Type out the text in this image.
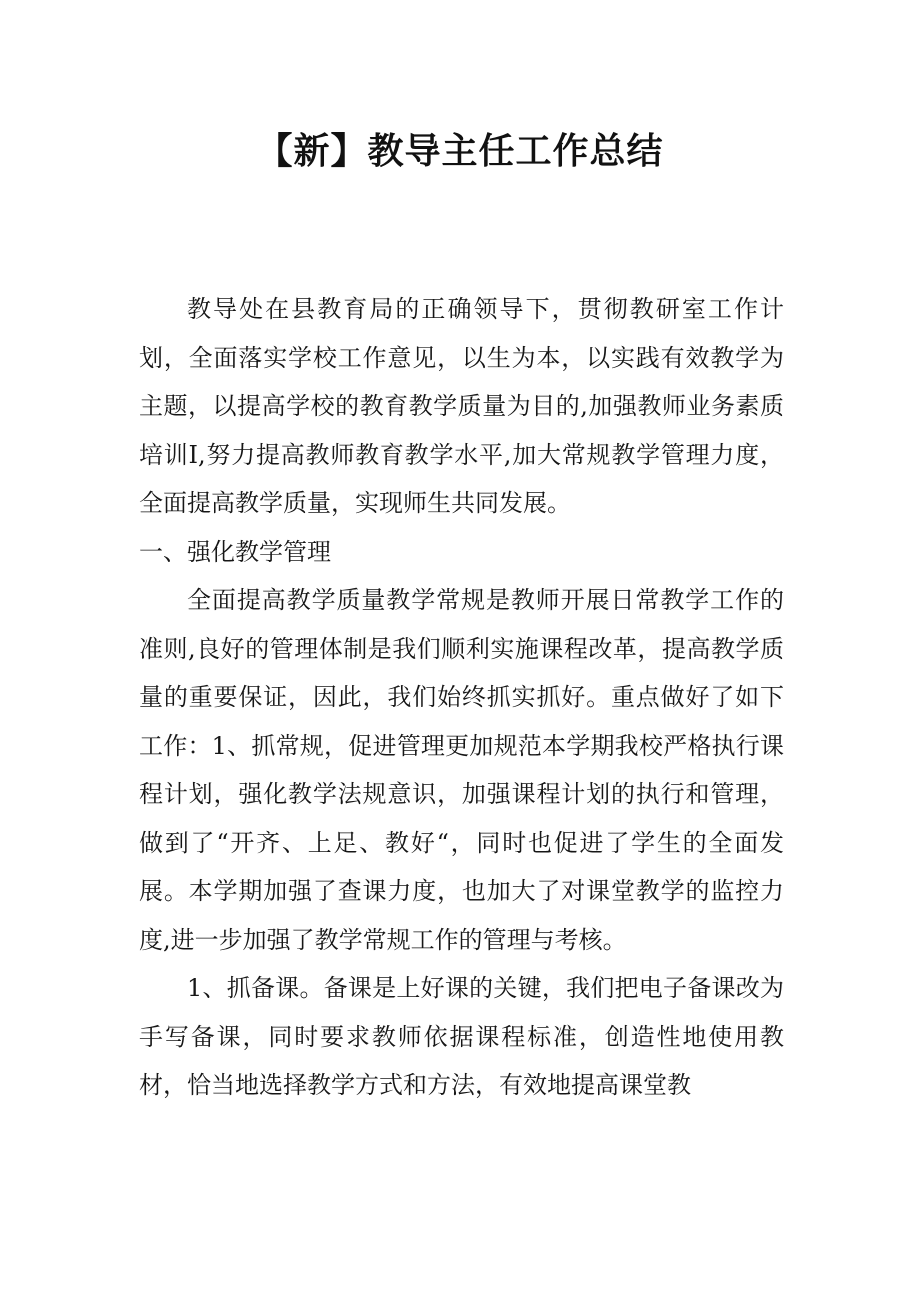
【新】教导主任工作总结

教导处在县教育局的正确领导下，贯彻教研室工作计划，全面落实学校工作意见，以生为本，以实践有效教学为主题，以提高学校的教育教学质量为目的,加强教师业务素质培训I,努力提高教师教育教学水平,加大常规教学管理力度，全面提高教学质量，实现师生共同发展。

一、强化教学管理

全面提高教学质量教学常规是教师开展日常教学工作的准则,良好的管理体制是我们顺利实施课程改革，提高教学质量的重要保证，因此，我们始终抓实抓好。重点做好了如下工作：1、抓常规，促进管理更加规范本学期我校严格执行课程计划，强化教学法规意识，加强课程计划的执行和管理，做到了“开齐、上足、教好“，同时也促进了学生的全面发展。本学期加强了查课力度，也加大了对课堂教学的监控力度,进一步加强了教学常规工作的管理与考核。

1、抓备课。备课是上好课的关键，我们把电子备课改为手写备课，同时要求教师依据课程标准，创造性地使用教材，恰当地选择教学方式和方法，有效地提高课堂教
